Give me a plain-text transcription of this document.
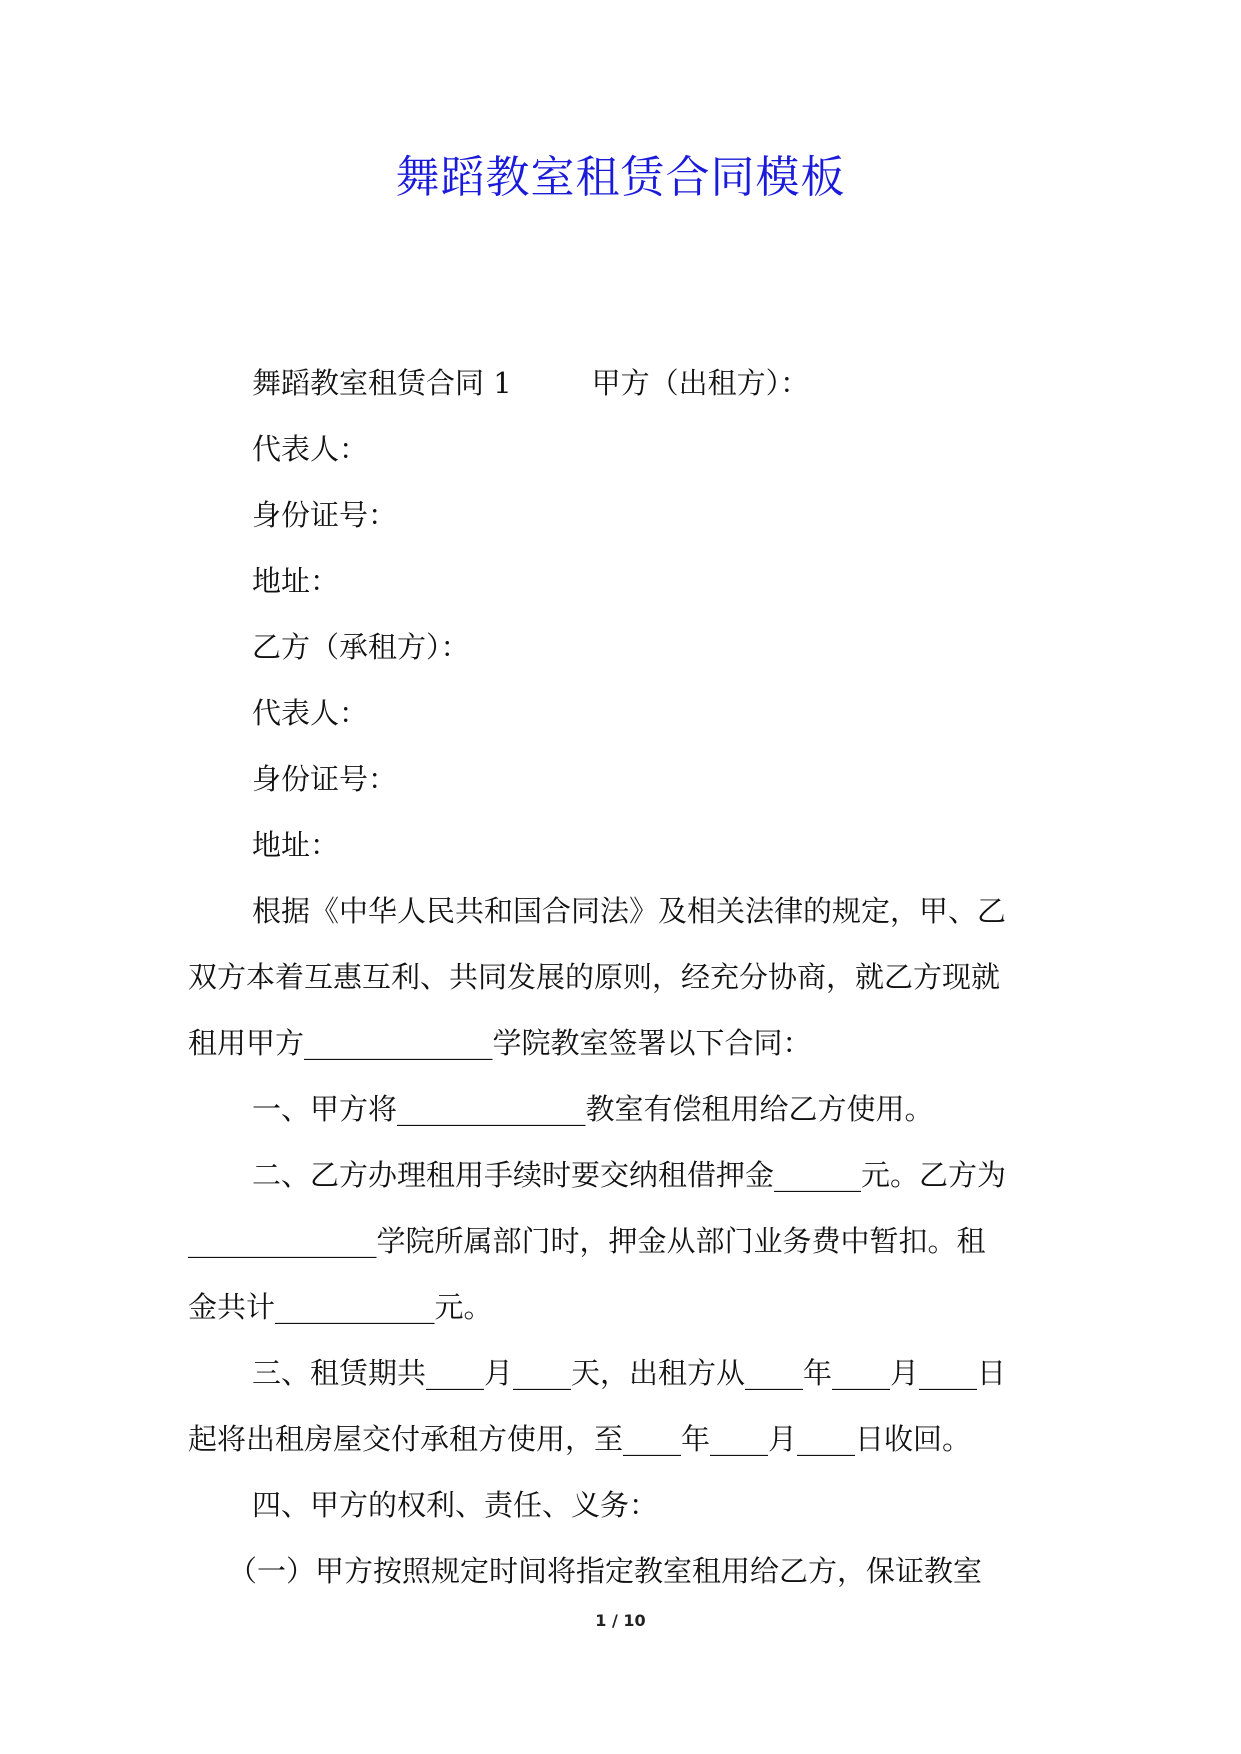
舞蹈教室租赁合同模板
舞蹈教室租赁合同 1	甲方（出租方）：
代表人：
身份证号：
地址：
乙方（承租方）：
代表人：
身份证号：
地址：
根据《中华人民共和国合同法》及相关法律的规定，甲、乙
双方本着互惠互利、共同发展的原则，经充分协商，就乙方现就
租用甲方_____________学院教室签署以下合同：
一、甲方将_____________教室有偿租用给乙方使用。
二、乙方办理租用手续时要交纳租借押金______元。乙方为
_____________学院所属部门时，押金从部门业务费中暂扣。租
金共计___________元。
三、租赁期共____月____天，出租方从____年____月____日
起将出租房屋交付承租方使用，至____年____月____日收回。
四、甲方的权利、责任、义务：
（一）甲方按照规定时间将指定教室租用给乙方，保证教室
1 / 10
